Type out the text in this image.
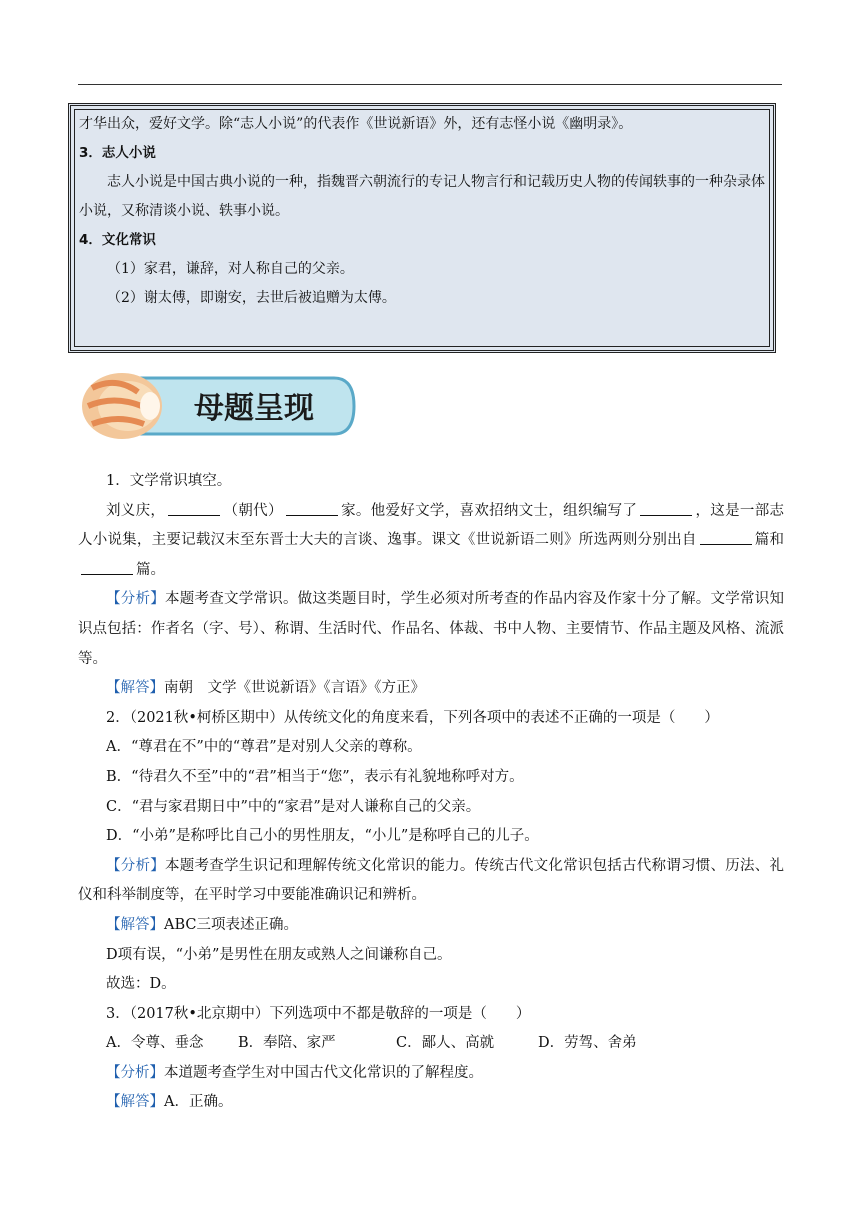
才华出众，爱好文学。除“志人小说”的代表作《世说新语》外，还有志怪小说《幽明录》。

3．志人小说

志人小说是中国古典小说的一种，指魏晋六朝流行的专记人物言行和记载历史人物的传闻轶事的一种杂录体小说，又称清谈小说、轶事小说。

4．文化常识

（1）家君，谦辞，对人称自己的父亲。

（2）谢太傅，即谢安，去世后被追赠为太傅。

母题呈现

1．文学常识填空。

刘义庆，	（朝代）	家。他爱好文学，喜欢招纳文士，组织编写了	，这是一部志人小说集，主要记载汉末至东晋士大夫的言谈、逸事。课文《世说新语二则》所选两则分别出自	篇和篇。

【分析】本题考查文学常识。做这类题目时，学生必须对所考查的作品内容及作家十分了解。文学常识知识点包括：作者名（字、号）、称谓、生活时代、作品名、体裁、书中人物、主要情节、作品主题及风格、流派等。

【解答】南朝　文学《世说新语》《言语》《方正》

2．（2021秋•柯桥区期中）从传统文化的角度来看，下列各项中的表述不正确的一项是（　　）

A．“尊君在不”中的“尊君”是对别人父亲的尊称。

B．“待君久不至”中的“君”相当于“您”，表示有礼貌地称呼对方。

C．“君与家君期日中”中的“家君”是对人谦称自己的父亲。

D．“小弟”是称呼比自己小的男性朋友，“小儿”是称呼自己的儿子。

【分析】本题考查学生识记和理解传统文化常识的能力。传统古代文化常识包括古代称谓习惯、历法、礼仪和科举制度等，在平时学习中要能准确识记和辨析。

【解答】ABC三项表述正确。

D项有误，“小弟”是男性在朋友或熟人之间谦称自己。

故选：D。

3．（2017秋•北京期中）下列选项中不都是敬辞的一项是（　　）

A．令尊、垂念	B．奉陪、家严	C．鄙人、高就	D．劳驾、舍弟

【分析】本道题考查学生对中国古代文化常识的了解程度。

【解答】A．正确。
